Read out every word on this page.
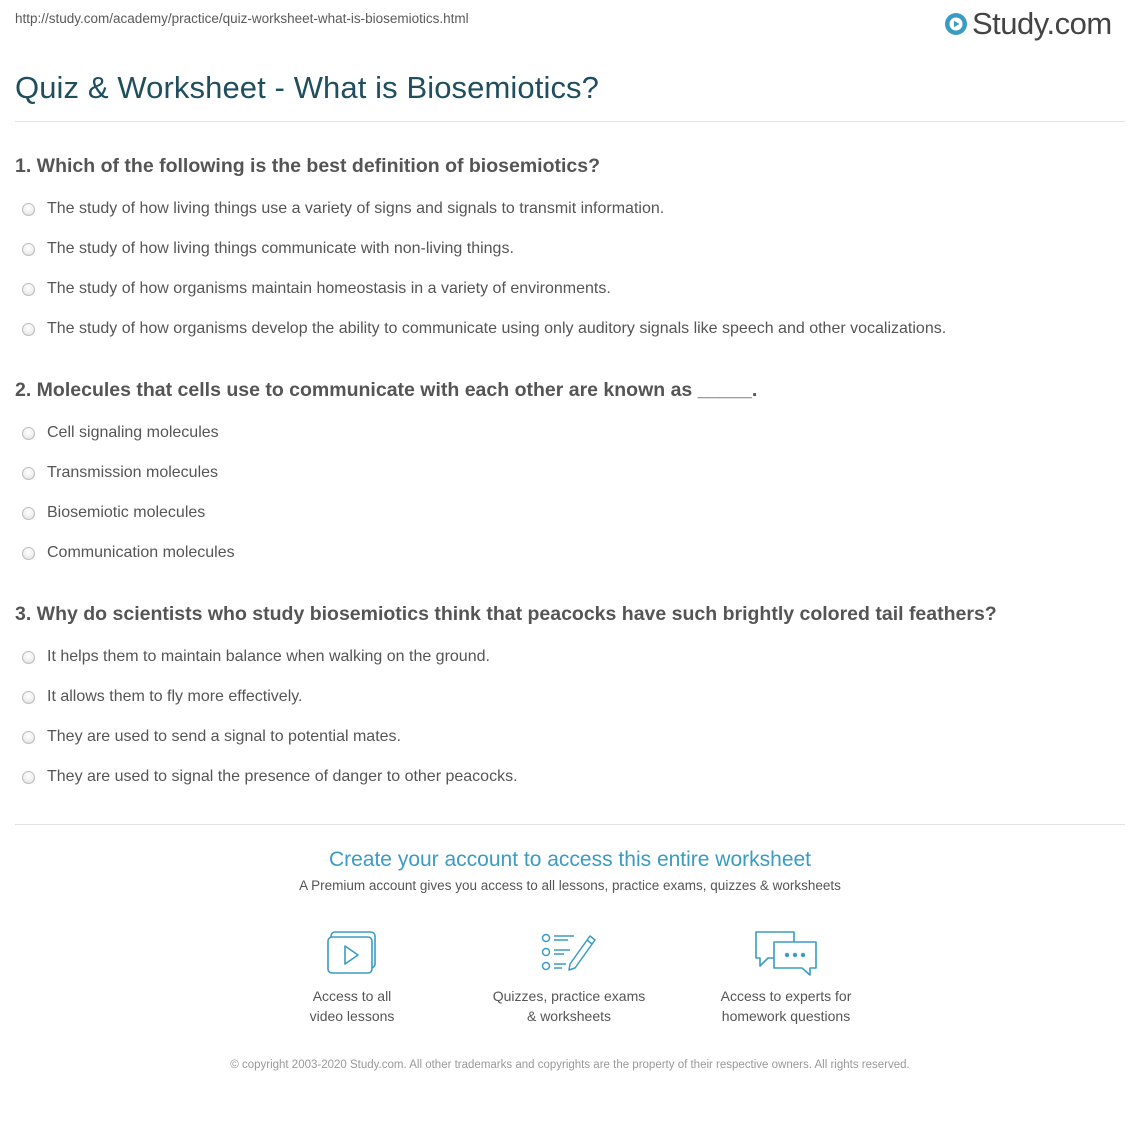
http://study.com/academy/practice/quiz-worksheet-what-is-biosemiotics.html	Study.com
Quiz & Worksheet - What is Biosemiotics?
1. Which of the following is the best definition of biosemiotics?
The study of how living things use a variety of signs and signals to transmit information.
The study of how living things communicate with non-living things.
The study of how organisms maintain homeostasis in a variety of environments.
The study of how organisms develop the ability to communicate using only auditory signals like speech and other vocalizations.
2. Molecules that cells use to communicate with each other are known as _____.
Cell signaling molecules
Transmission molecules
Biosemiotic molecules
Communication molecules
3. Why do scientists who study biosemiotics think that peacocks have such brightly colored tail feathers?
It helps them to maintain balance when walking on the ground.
It allows them to fly more effectively.
They are used to send a signal to potential mates.
They are used to signal the presence of danger to other peacocks.
Create your account to access this entire worksheet
A Premium account gives you access to all lessons, practice exams, quizzes & worksheets
Access to all
video lessons
Quizzes, practice exams
& worksheets
Access to experts for
homework questions
© copyright 2003-2020 Study.com. All other trademarks and copyrights are the property of their respective owners. All rights reserved.
